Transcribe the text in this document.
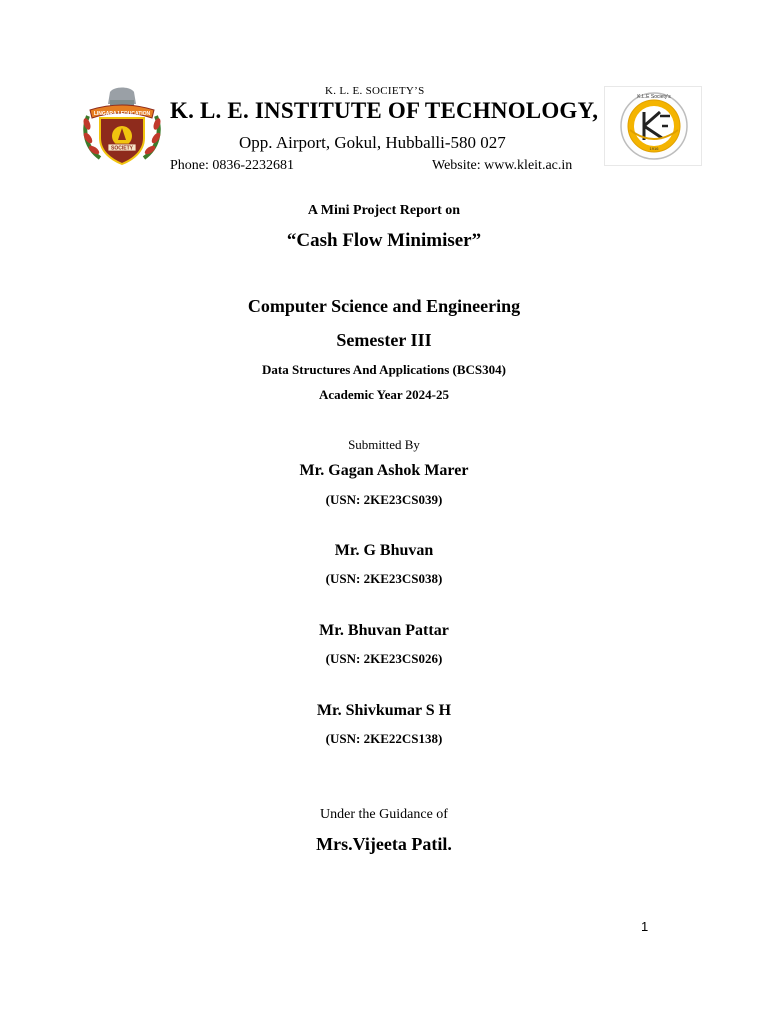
LINGARAJ EDUCATION
SOCIETY
K.L.E Society's
1916
K. L. E. SOCIETY’S
K. L. E. INSTITUTE OF TECHNOLOGY,
Opp. Airport, Gokul, Hubballi-580 027
Phone: 0836-2232681	Website: www.kleit.ac.in
A Mini Project Report on
“Cash Flow Minimiser”
Computer Science and Engineering
Semester III
Data Structures And Applications (BCS304)
Academic Year 2024-25
Submitted By
Mr. Gagan Ashok Marer
(USN: 2KE23CS039)
Mr. G Bhuvan
(USN: 2KE23CS038)
Mr. Bhuvan Pattar
(USN: 2KE23CS026)
Mr. Shivkumar S H
(USN: 2KE22CS138)
Under the Guidance of
Mrs.Vijeeta Patil.
1
